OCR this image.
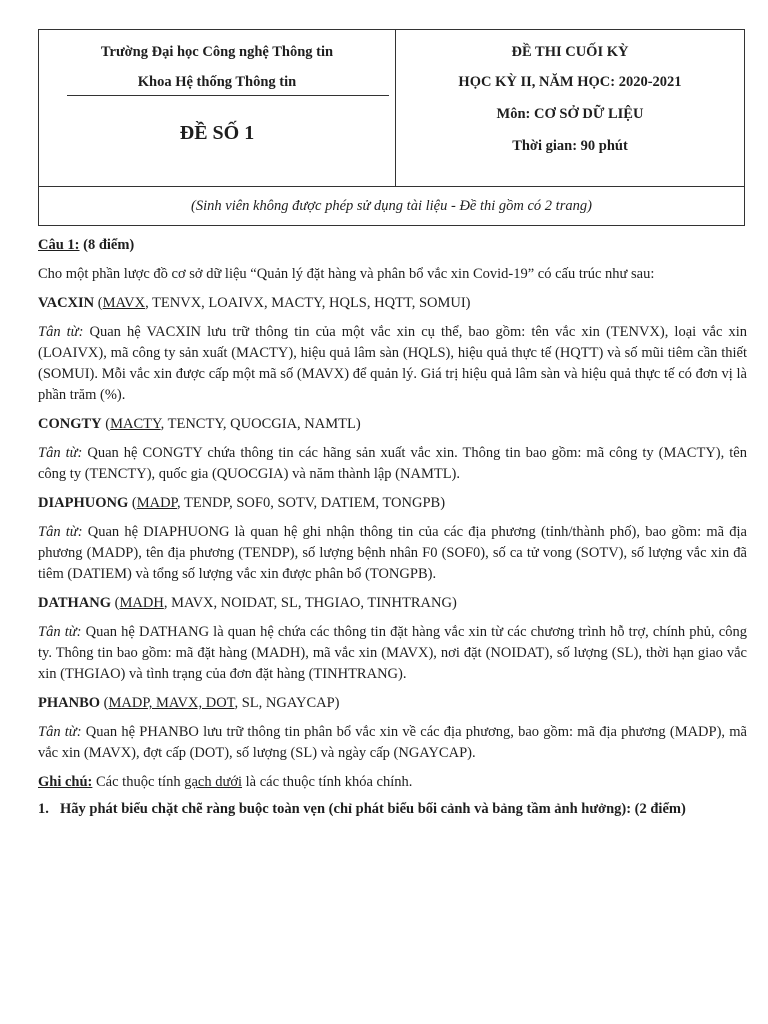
Trường Đại học Công nghệ Thông tin
Khoa Hệ thống Thông tin
ĐỀ SỐ 1
ĐỀ THI CUỐI KỲ
HỌC KỲ II, NĂM HỌC: 2020-2021
Môn: CƠ SỞ DỮ LIỆU
Thời gian: 90 phút
(Sinh viên không được phép sử dụng tài liệu - Đề thi gồm có 2 trang)
Câu 1: (8 điểm)

Cho một phần lược đồ cơ sở dữ liệu “Quản lý đặt hàng và phân bổ vắc xin Covid-19” có cấu trúc như sau:

VACXIN (MAVX, TENVX, LOAIVX, MACTY, HQLS, HQTT, SOMUI)

Tân từ: Quan hệ VACXIN lưu trữ thông tin của một vắc xin cụ thể, bao gồm: tên vắc xin (TENVX), loại vắc xin (LOAIVX), mã công ty sản xuất (MACTY), hiệu quả lâm sàn (HQLS), hiệu quả thực tế (HQTT) và số mũi tiêm cần thiết (SOMUI). Mỗi vắc xin được cấp một mã số (MAVX) để quản lý. Giá trị hiệu quả lâm sàn và hiệu quả thực tế có đơn vị là phần trăm (%).

CONGTY (MACTY, TENCTY, QUOCGIA, NAMTL)

Tân từ: Quan hệ CONGTY chứa thông tin các hãng sản xuất vắc xin. Thông tin bao gồm: mã công ty (MACTY), tên công ty (TENCTY), quốc gia (QUOCGIA) và năm thành lập (NAMTL).

DIAPHUONG (MADP, TENDP, SOF0, SOTV, DATIEM, TONGPB)

Tân từ: Quan hệ DIAPHUONG là quan hệ ghi nhận thông tin của các địa phương (tỉnh/thành phố), bao gồm: mã địa phương (MADP), tên địa phương (TENDP), số lượng bệnh nhân F0 (SOF0), số ca tử vong (SOTV), số lượng vắc xin đã tiêm (DATIEM) và tổng số lượng vắc xin được phân bổ (TONGPB).

DATHANG (MADH, MAVX, NOIDAT, SL, THGIAO, TINHTRANG)

Tân từ: Quan hệ DATHANG là quan hệ chứa các thông tin đặt hàng vắc xin từ các chương trình hỗ trợ, chính phủ, công ty. Thông tin bao gồm: mã đặt hàng (MADH), mã vắc xin (MAVX), nơi đặt (NOIDAT), số lượng (SL), thời hạn giao vắc xin (THGIAO) và tình trạng của đơn đặt hàng (TINHTRANG).

PHANBO (MADP, MAVX, DOT, SL, NGAYCAP)

Tân từ: Quan hệ PHANBO lưu trữ thông tin phân bổ vắc xin về các địa phương, bao gồm: mã địa phương (MADP), mã vắc xin (MAVX), đợt cấp (DOT), số lượng (SL) và ngày cấp (NGAYCAP).

Ghi chú: Các thuộc tính gạch dưới là các thuộc tính khóa chính.
1. Hãy phát biểu chặt chẽ ràng buộc toàn vẹn (chỉ phát biểu bối cảnh và bảng tầm ảnh hưởng): (2 điểm)
